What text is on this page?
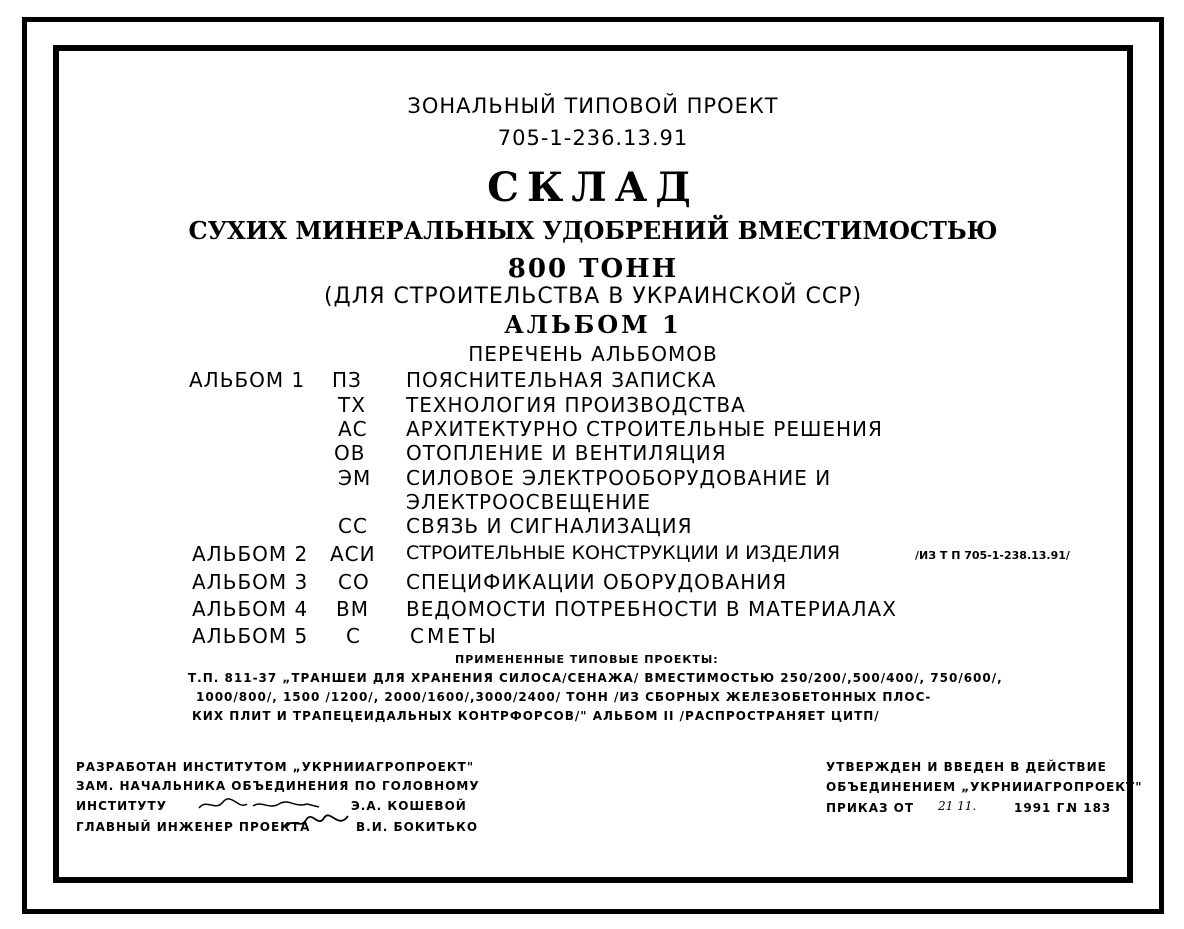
ЗОНАЛЬНЫЙ ТИПОВОЙ ПРОЕКТ
705-1-236.13.91
СКЛАД
СУХИХ МИНЕРАЛЬНЫХ УДОБРЕНИЙ ВМЕСТИМОСТЬЮ
800 ТОНН
(ДЛЯ СТРОИТЕЛЬСТВА В УКРАИНСКОЙ ССР)
АЛЬБОМ 1
ПЕРЕЧЕНЬ АЛЬБОМОВ
АЛЬБОМ 1 ПЗ ПОЯСНИТЕЛЬНАЯ ЗАПИСКА
ТХ ТЕХНОЛОГИЯ ПРОИЗВОДСТВА
АС АРХИТЕКТУРНО СТРОИТЕЛЬНЫЕ РЕШЕНИЯ
ОВ ОТОПЛЕНИЕ И ВЕНТИЛЯЦИЯ
ЭМ СИЛОВОЕ ЭЛЕКТРООБОРУДОВАНИЕ И
ЭЛЕКТРООСВЕЩЕНИЕ
СС СВЯЗЬ И СИГНАЛИЗАЦИЯ
АЛЬБОМ 2 АСИ СТРОИТЕЛЬНЫЕ КОНСТРУКЦИИ И ИЗДЕЛИЯ	/ИЗ Т П 705-1-238.13.91/
АЛЬБОМ 3 СО СПЕЦИФИКАЦИИ ОБОРУДОВАНИЯ
АЛЬБОМ 4 ВМ ВЕДОМОСТИ ПОТРЕБНОСТИ В МАТЕРИАЛАХ
АЛЬБОМ 5 С СМЕТЫ
ПРИМЕНЕННЫЕ ТИПОВЫЕ ПРОЕКТЫ:
Т.П. 811-37 „ТРАНШЕИ ДЛЯ ХРАНЕНИЯ СИЛОСА/СЕНАЖА/ ВМЕСТИМОСТЬЮ 250/200/,500/400/, 750/600/,
1000/800/, 1500 /1200/, 2000/1600/,3000/2400/ ТОНН /ИЗ СБОРНЫХ ЖЕЛЕЗОБЕТОННЫХ ПЛОС-
КИХ ПЛИТ И ТРАПЕЦЕИДАЛЬНЫХ КОНТРФОРСОВ/" АЛЬБОМ II /РАСПРОСТРАНЯЕТ ЦИТП/
РАЗРАБОТАН ИНСТИТУТОМ „УКРНИИАГРОПРОЕКТ"
ЗАМ. НАЧАЛЬНИКА ОБЪЕДИНЕНИЯ ПО ГОЛОВНОМУ
ИНСТИТУТУ	Э.А. КОШЕВОЙ
ГЛАВНЫЙ ИНЖЕНЕР ПРОЕКТА	В.И. БОКИТЬКО
УТВЕРЖДЕН И ВВЕДЕН В ДЕЙСТВИЕ
ОБЪЕДИНЕНИЕМ „УКРНИИАГРОПРОЕКТ"
ПРИКАЗ ОТ 21 11.	1991 Г.
N 183
